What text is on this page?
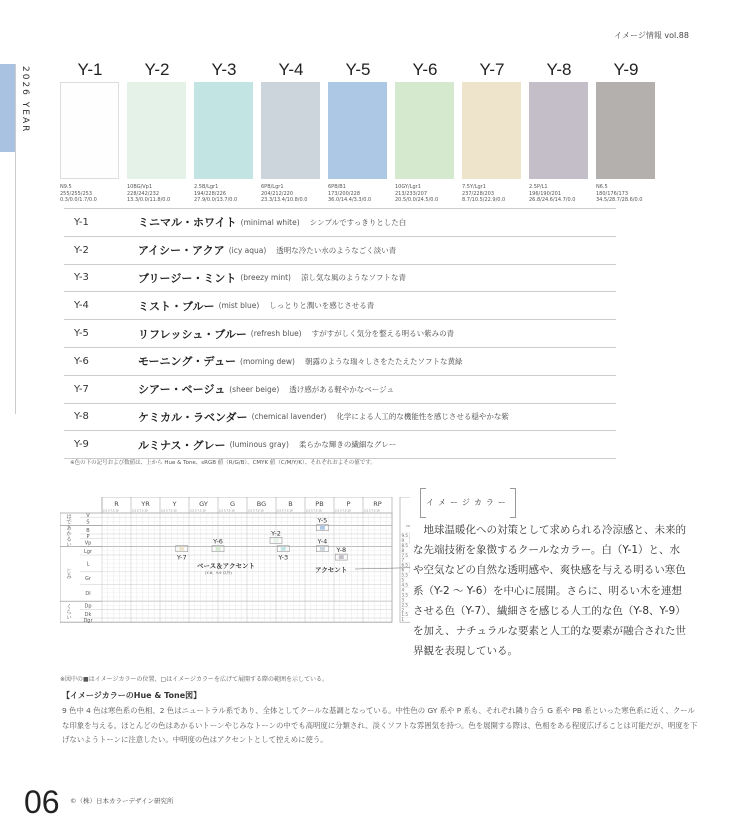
イメージ情報 vol.88
2026 YEAR	Y-1
N9.5
255/255/253
0.3/0.0/1.7/0.0
Y-2
10BG/Vp1
228/242/232
13.3/0.0/11.8/0.0
Y-3
2.5B/Lgr1
194/228/226
27.9/0.0/13.7/0.0
Y-4
6PB/Lgr1
204/212/220
23.3/13.4/10.8/0.0
Y-5
6PB/B1
173/200/228
36.0/14.4/3.3/0.0
Y-6
10GY/Lgr1
213/233/207
20.5/0.0/24.5/0.0
Y-7
7.5Y/Lgr1
237/228/203
8.7/10.5/22.9/0.0
Y-8
2.5P/L1
196/190/201
26.8/24.6/14.7/0.0
Y-9
N6.5
180/176/173
34.5/28.7/28.6/0.0
Y-1	ミニマル・ホワイト (minimal white) シンプルですっきりとした白
Y-2	アイシー・アクア (icy aqua) 透明な冷たい水のようなごく淡い青
Y-3	ブリージー・ミント (breezy mint) 涼し気な風のようなソフトな青
Y-4	ミスト・ブルー (mist blue) しっとりと潤いを感じさせる青
Y-5	リフレッシュ・ブルー (refresh blue) すがすがしく気分を整える明るい紫みの青
Y-6	モーニング・デュー (morning dew) 朝露のような瑞々しさをたたえたソフトな黄緑
Y-7	シアー・ベージュ (sheer beige) 透け感がある軽やかなベージュ
Y-8	ケミカル・ラベンダー (chemical lavender) 化学による人工的な機能性を感じさせる穏やかな紫
Y-9	ルミナス・グレー (luminous gray) 柔らかな輝きの繊細なグレー
※色の下の記号および数値は、上から Hue & Tone、sRGB 値（R/G/B）、CMYK 値（C/M/Y/K）、それぞれおよその値です。
R
2.5 5 7.5 10
YR
2.5 5 7.5 10
Y
2.5 5 7.5 10
GY
2.5 5 7.5 10
G
2.5 5 7.5 10
BG
2.5 5 7.5 10
B
2.5 5 7.5 10
PB
2.5 5 7.5 10
P
2.5 5 7.5 10
RP
2.5 5 7.5 10
V
S
はで
B
P
Vp
あかるい
Lgr
L
Gr
Dl
じみ
Dp
Dk
Dgr
くらい
ne
9.5
9
8.5
8
7.5
7
6.5
6
5.5
5
4.5
4
3.5
3
2.5
2
1.5
1
Y-2
Y-3
Y-4
Y-5
Y-6
Y-7
Y-8
ベース＆アクセント
(Y-8、Y-9 以外)	アクセント
※図中の■はイメージカラーの位置、□はイメージカラーを広げて展開する際の範囲を示している。
イメージカラー
地球温暖化への対策として求められる冷涼感と、未来的な先端技術を象徴するクールなカラー。白（Y-1）と、水や空気などの自然な透明感や、爽快感を与える明るい寒色系（Y-2 ～ Y-6）を中心に展開。さらに、明るい木を連想させる色（Y-7）、繊細さを感じる人工的な色（Y-8、Y-9）を加え、ナチュラルな要素と人工的な要素が融合された世界観を表現している。
【イメージカラーのHue & Tone図】
9 色中 4 色は寒色系の色相、2 色はニュートラル系であり、全体としてクールな基調となっている。中性色の GY 系や P 系も、それぞれ隣り合う G 系や PB 系といった寒色系に近く、クールな印象を与える。ほとんどの色はあかるいトーンやじみなトーンの中でも高明度に分類され、淡くソフトな雰囲気を持つ。色を展開する際は、色相をある程度広げることは可能だが、明度を下げないようトーンに注意したい。中明度の色はアクセントとして控えめに使う。
06 ©（株）日本カラーデザイン研究所
